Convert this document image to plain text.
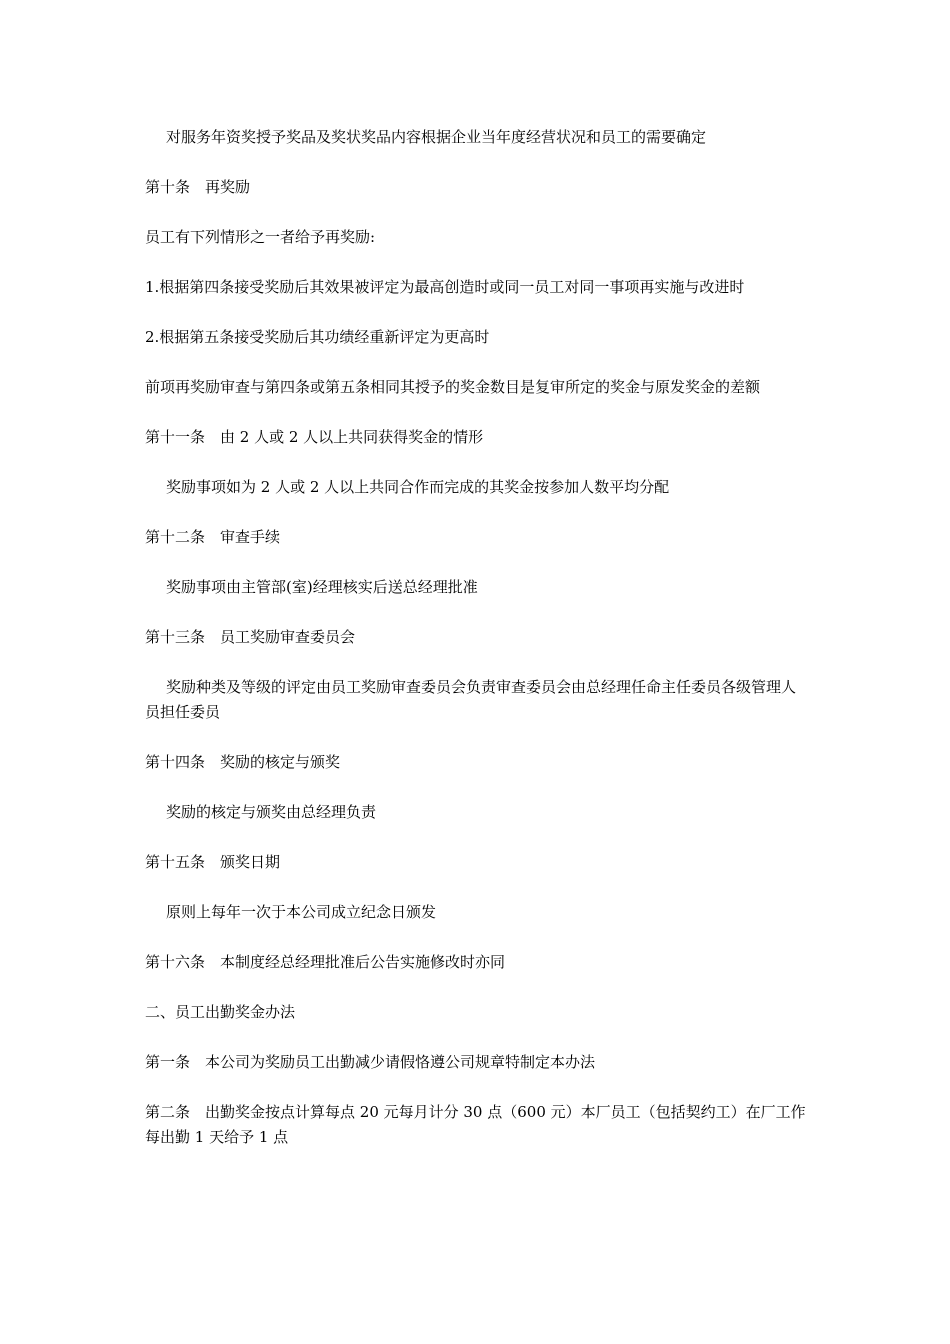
对服务年资奖授予奖品及奖状奖品内容根据企业当年度经营状况和员工的需要确定

第十条　再奖励

员工有下列情形之一者给予再奖励:

1.根据第四条接受奖励后其效果被评定为最高创造时或同一员工对同一事项再实施与改进时

2.根据第五条接受奖励后其功绩经重新评定为更高时

前项再奖励审查与第四条或第五条相同其授予的奖金数目是复审所定的奖金与原发奖金的差额

第十一条　由 2 人或 2 人以上共同获得奖金的情形

奖励事项如为 2 人或 2 人以上共同合作而完成的其奖金按参加人数平均分配

第十二条　审查手续

奖励事项由主管部(室)经理核实后送总经理批准

第十三条　员工奖励审查委员会

奖励种类及等级的评定由员工奖励审查委员会负责审查委员会由总经理任命主任委员各级管理人员担任委员

第十四条　奖励的核定与颁奖

奖励的核定与颁奖由总经理负责

第十五条　颁奖日期

原则上每年一次于本公司成立纪念日颁发

第十六条　本制度经总经理批准后公告实施修改时亦同

二、员工出勤奖金办法

第一条　本公司为奖励员工出勤减少请假恪遵公司规章特制定本办法

第二条　出勤奖金按点计算每点 20 元每月计分 30 点（600 元）本厂员工（包括契约工）在厂工作每出勤 1 天给予 1 点
